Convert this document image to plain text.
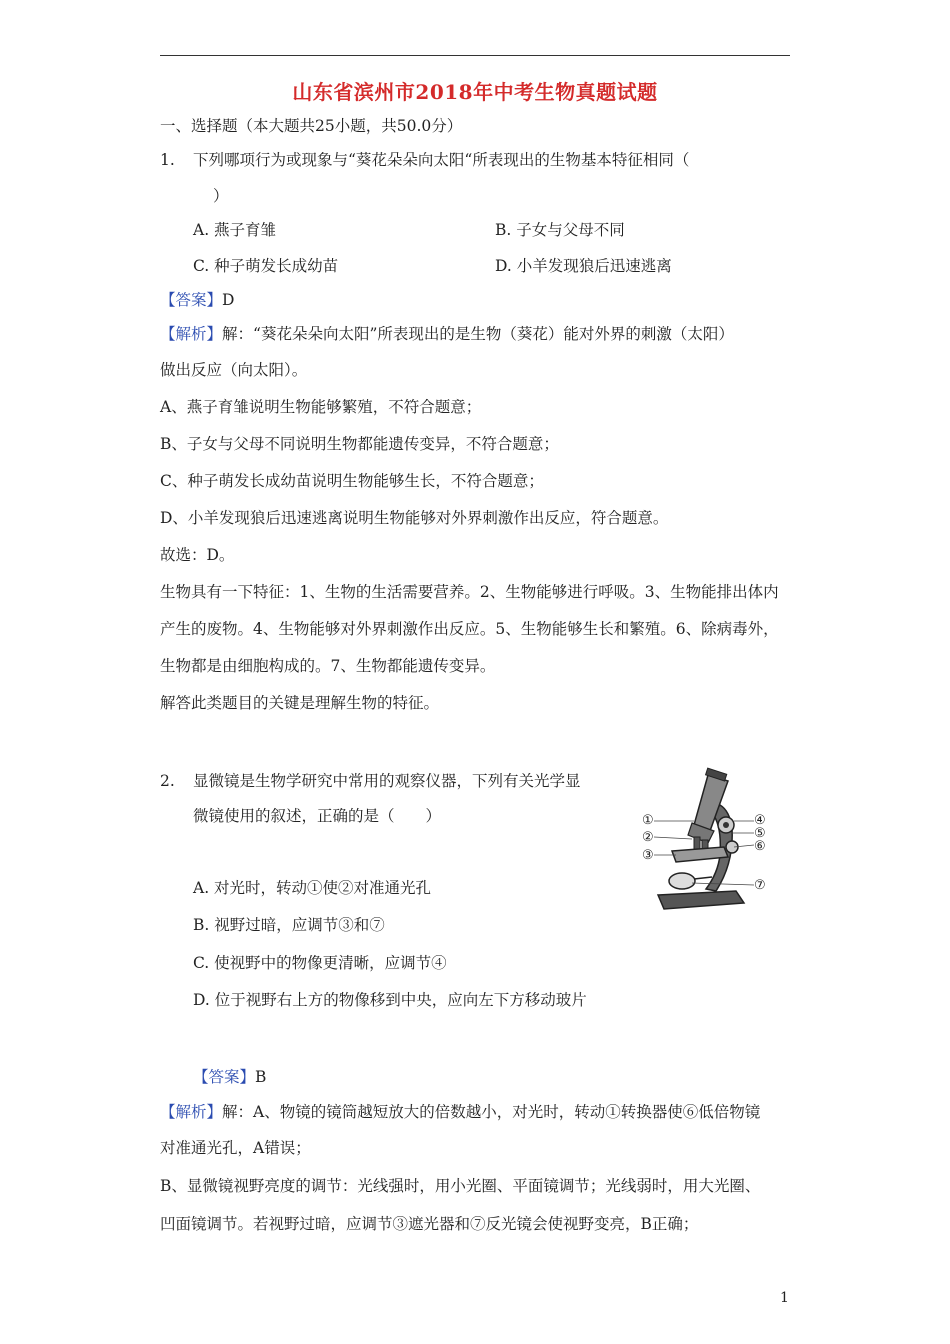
山东省滨州市2018年中考生物真题试题
一、选择题（本大题共25小题，共50.0分）
1. 下列哪项行为或现象与“葵花朵朵向太阳“所表现出的生物基本特征相同（
）
A. 燕子育雏	B. 子女与父母不同
C. 种子萌发长成幼苗	D. 小羊发现狼后迅速逃离
【答案】D
【解析】解：“葵花朵朵向太阳”所表现出的是生物（葵花）能对外界的刺激（太阳）
做出反应（向太阳）。
A、燕子育雏说明生物能够繁殖，不符合题意；
B、子女与父母不同说明生物都能遗传变异，不符合题意；
C、种子萌发长成幼苗说明生物能够生长，不符合题意；
D、小羊发现狼后迅速逃离说明生物能够对外界刺激作出反应，符合题意。
故选：D。
生物具有一下特征：1、生物的生活需要营养。2、生物能够进行呼吸。3、生物能排出体内
产生的废物。4、生物能够对外界刺激作出反应。5、生物能够生长和繁殖。6、除病毒外，
生物都是由细胞构成的。7、生物都能遗传变异。
解答此类题目的关键是理解生物的特征。
2. 显微镜是生物学研究中常用的观察仪器，下列有关光学显
微镜使用的叙述，正确的是（　　）	①
②
③
④
⑤
⑥
⑦
A. 对光时，转动①使②对准通光孔
B. 视野过暗，应调节③和⑦
C. 使视野中的物像更清晰，应调节④
D. 位于视野右上方的物像移到中央，应向左下方移动玻片
【答案】B
【解析】解：A、物镜的镜筒越短放大的倍数越小，对光时，转动①转换器使⑥低倍物镜
对准通光孔，A错误；
B、显微镜视野亮度的调节：光线强时，用小光圈、平面镜调节；光线弱时，用大光圈、
凹面镜调节。若视野过暗，应调节③遮光器和⑦反光镜会使视野变亮，B正确；
1
